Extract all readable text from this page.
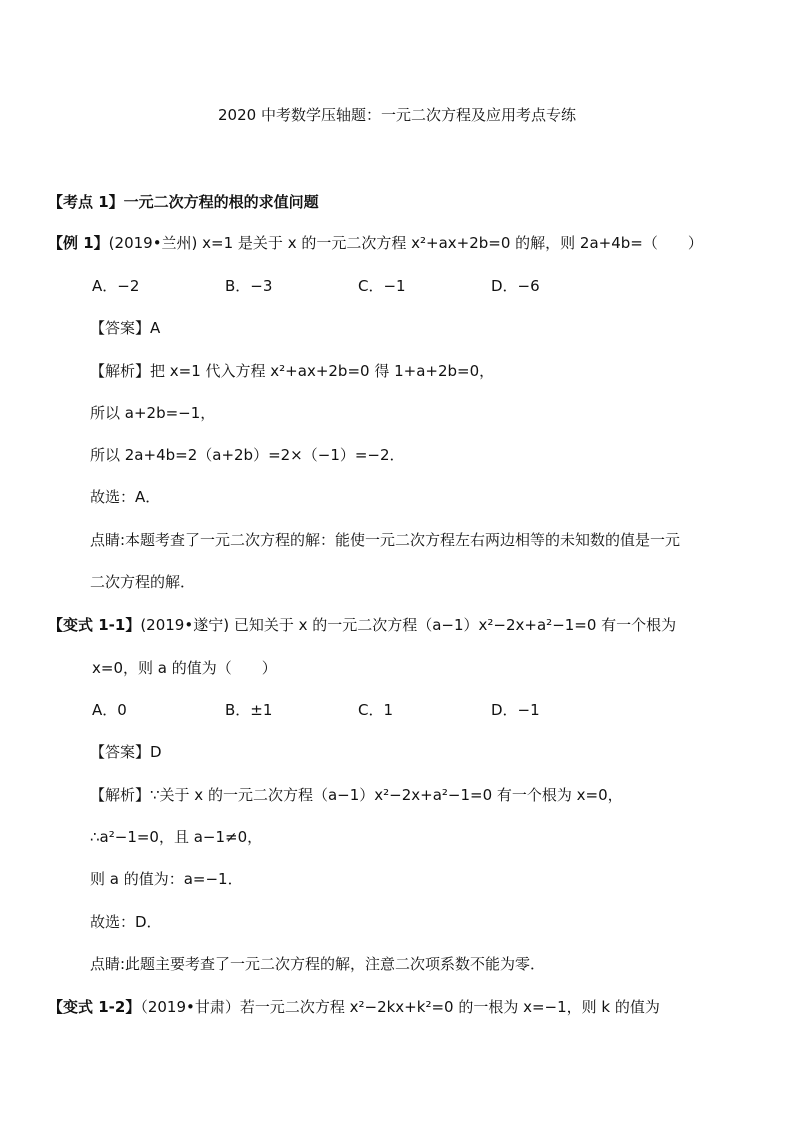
2020 中考数学压轴题：一元二次方程及应用考点专练
【考点 1】一元二次方程的根的求值问题
【例 1】(2019•兰州) x=1 是关于 x 的一元二次方程 x²+ax+2b=0 的解，则 2a+4b=（　　）
A．−2	B．−3	C．−1	D．−6
【答案】A
【解析】把 x=1 代入方程 x²+ax+2b=0 得 1+a+2b=0，
所以 a+2b=−1，
所以 2a+4b=2（a+2b）=2×（−1）=−2．
故选：A．
点睛:本题考查了一元二次方程的解：能使一元二次方程左右两边相等的未知数的值是一元
二次方程的解．
【变式 1-1】(2019•遂宁) 已知关于 x 的一元二次方程（a−1）x²−2x+a²−1=0 有一个根为
x=0，则 a 的值为（　　）
A．0	B．±1	C．1	D．−1
【答案】D
【解析】∵关于 x 的一元二次方程（a−1）x²−2x+a²−1=0 有一个根为 x=0，
∴a²−1=0，且 a−1≠0，
则 a 的值为：a=−1．
故选：D．
点睛:此题主要考查了一元二次方程的解，注意二次项系数不能为零．
【变式 1-2】（2019•甘肃）若一元二次方程 x²−2kx+k²=0 的一根为 x=−1，则 k 的值为
